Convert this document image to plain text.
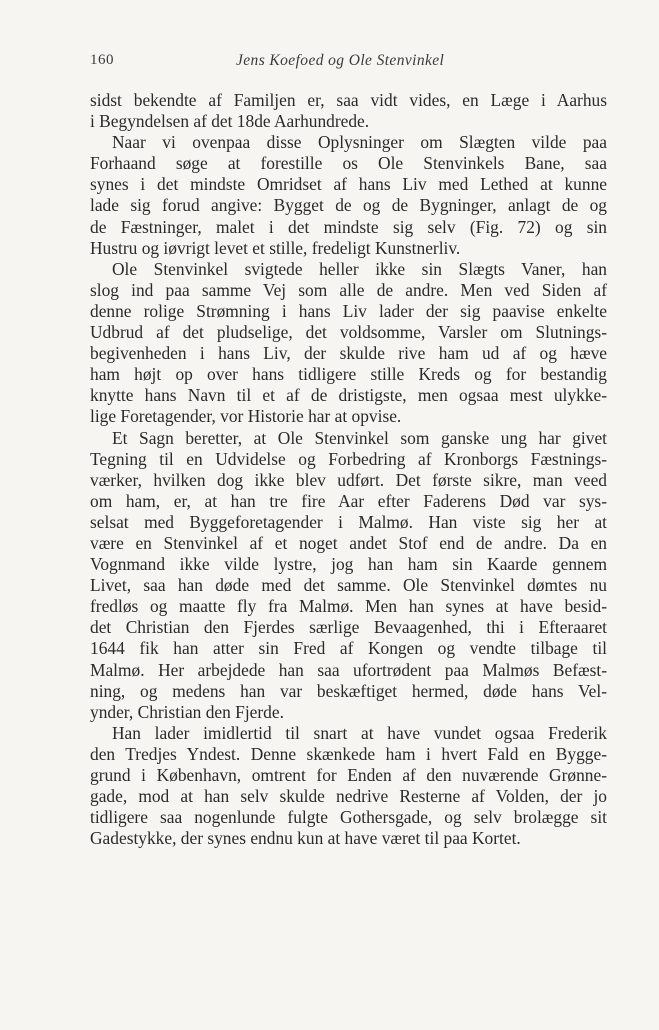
160	Jens Koefoed og Ole Stenvinkel

sidst bekendte af Familjen er, saa vidt vides, en Læge i Aarhus
i Begyndelsen af det 18de Aarhundrede.

Naar vi ovenpaa disse Oplysninger om Slægten vilde paa
Forhaand søge at forestille os Ole Stenvinkels Bane, saa
synes i det mindste Omridset af hans Liv med Lethed at kunne
lade sig forud angive: Bygget de og de Bygninger, anlagt de og
de Fæstninger, malet i det mindste sig selv (Fig. 72) og sin
Hustru og iøvrigt levet et stille, fredeligt Kunstnerliv.

Ole Stenvinkel svigtede heller ikke sin Slægts Vaner, han
slog ind paa samme Vej som alle de andre. Men ved Siden af
denne rolige Strømning i hans Liv lader der sig paavise enkelte
Udbrud af det pludselige, det voldsomme, Varsler om Slutnings-
begivenheden i hans Liv, der skulde rive ham ud af og hæve
ham højt op over hans tidligere stille Kreds og for bestandig
knytte hans Navn til et af de dristigste, men ogsaa mest ulykke-
lige Foretagender, vor Historie har at opvise.

Et Sagn beretter, at Ole Stenvinkel som ganske ung har givet
Tegning til en Udvidelse og Forbedring af Kronborgs Fæstnings-
værker, hvilken dog ikke blev udført. Det første sikre, man veed
om ham, er, at han tre fire Aar efter Faderens Død var sys-
selsat med Byggeforetagender i Malmø. Han viste sig her at
være en Stenvinkel af et noget andet Stof end de andre. Da en
Vognmand ikke vilde lystre, jog han ham sin Kaarde gennem
Livet, saa han døde med det samme. Ole Stenvinkel dømtes nu
fredløs og maatte fly fra Malmø. Men han synes at have besid-
det Christian den Fjerdes særlige Bevaagenhed, thi i Efteraaret
1644 fik han atter sin Fred af Kongen og vendte tilbage til
Malmø. Her arbejdede han saa ufortrødent paa Malmøs Befæst-
ning, og medens han var beskæftiget hermed, døde hans Vel-
ynder, Christian den Fjerde.

Han lader imidlertid til snart at have vundet ogsaa Frederik
den Tredjes Yndest. Denne skænkede ham i hvert Fald en Bygge-
grund i København, omtrent for Enden af den nuværende Grønne-
gade, mod at han selv skulde nedrive Resterne af Volden, der jo
tidligere saa nogenlunde fulgte Gothersgade, og selv brolægge sit
Gadestykke, der synes endnu kun at have været til paa Kortet.
